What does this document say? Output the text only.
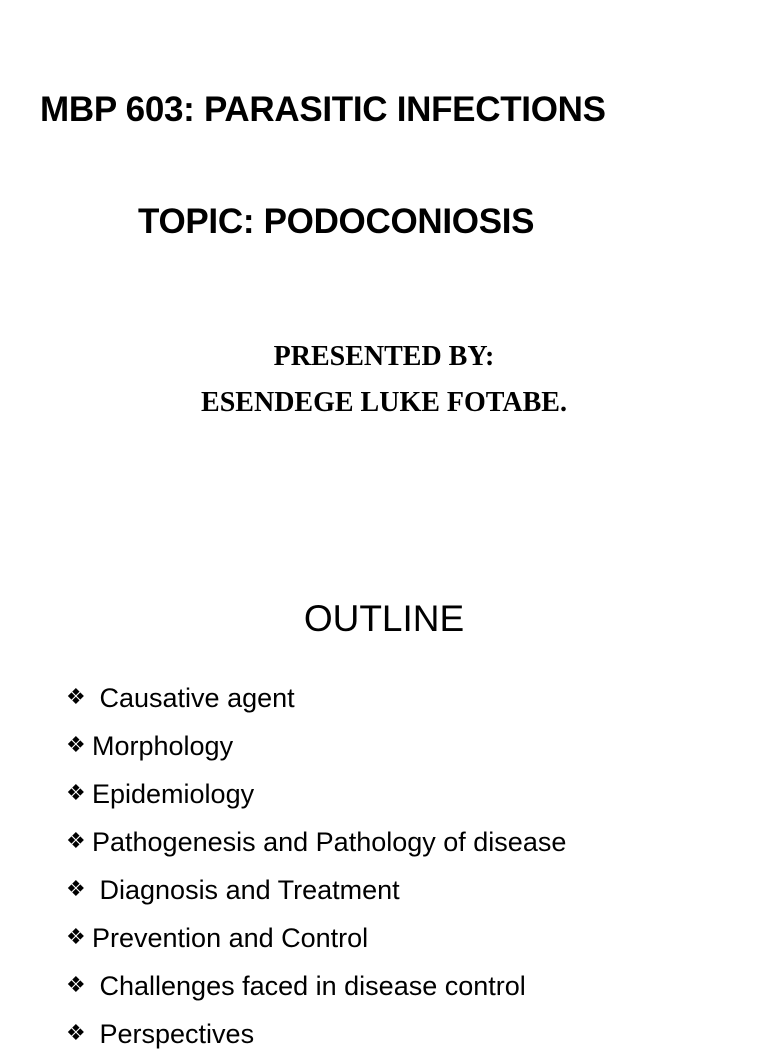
MBP 603: PARASITIC INFECTIONS
TOPIC: PODOCONIOSIS
PRESENTED BY:
ESENDEGE LUKE FOTABE.
OUTLINE
❖ Causative agent
❖ Morphology
❖ Epidemiology
❖ Pathogenesis and Pathology of disease
❖ Diagnosis and Treatment
❖ Prevention and Control
❖ Challenges faced in disease control
❖ Perspectives
